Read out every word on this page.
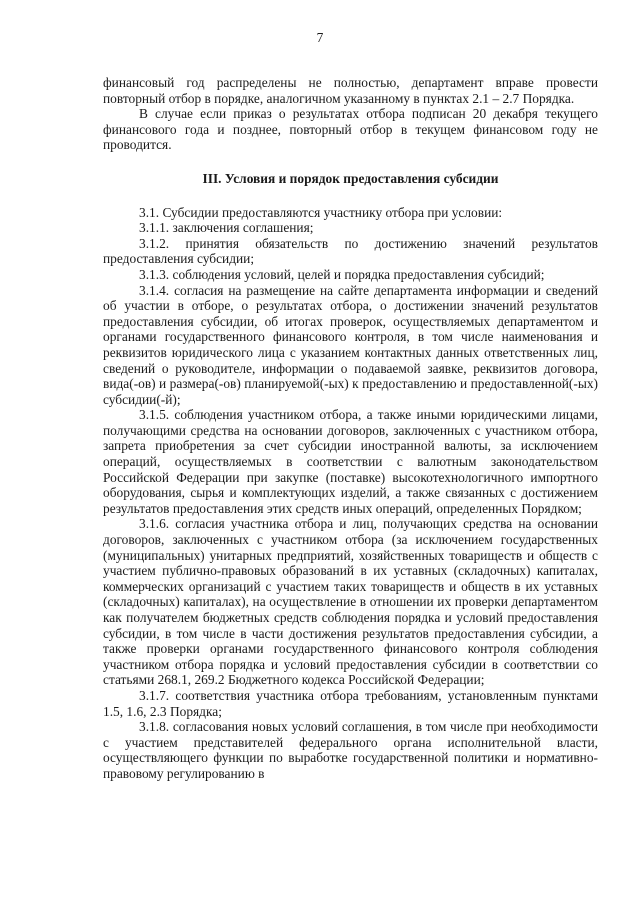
7

финансовый год распределены не полностью, департамент вправе провести повторный отбор в порядке, аналогичном указанному в пунктах 2.1 – 2.7 Порядка.

В случае если приказ о результатах отбора подписан 20 декабря текущего финансового года и позднее, повторный отбор в текущем финансовом году не проводится.

III. Условия и порядок предоставления субсидии

3.1. Субсидии предоставляются участнику отбора при условии:

3.1.1. заключения соглашения;

3.1.2. принятия обязательств по достижению значений результатов предоставления субсидии;

3.1.3. соблюдения условий, целей и порядка предоставления субсидий;

3.1.4. согласия на размещение на сайте департамента информации и сведений об участии в отборе, о результатах отбора, о достижении значений результатов предоставления субсидии, об итогах проверок, осуществляемых департаментом и органами государственного финансового контроля, в том числе наименования и реквизитов юридического лица с указанием контактных данных ответственных лиц, сведений о руководителе, информации о подаваемой заявке, реквизитов договора, вида(-ов) и размера(-ов) планируемой(-ых) к предоставлению и предоставленной(-ых) субсидии(-й);

3.1.5. соблюдения участником отбора, а также иными юридическими лицами, получающими средства на основании договоров, заключенных с участником отбора, запрета приобретения за счет субсидии иностранной валюты, за исключением операций, осуществляемых в соответствии с валютным законодательством Российской Федерации при закупке (поставке) высокотехнологичного импортного оборудования, сырья и комплектующих изделий, а также связанных с достижением результатов предоставления этих средств иных операций, определенных Порядком;

3.1.6. согласия участника отбора и лиц, получающих средства на основании договоров, заключенных с участником отбора (за исключением государственных (муниципальных) унитарных предприятий, хозяйственных товариществ и обществ с участием публично-правовых образований в их уставных (складочных) капиталах, коммерческих организаций с участием таких товариществ и обществ в их уставных (складочных) капиталах), на осуществление в отношении их проверки департаментом как получателем бюджетных средств соблюдения порядка и условий предоставления субсидии, в том числе в части достижения результатов предоставления субсидии, а также проверки органами государственного финансового контроля соблюдения участником отбора порядка и условий предоставления субсидии в соответствии со статьями 268.1, 269.2 Бюджетного кодекса Российской Федерации;

3.1.7. соответствия участника отбора требованиям, установленным пунктами 1.5, 1.6, 2.3 Порядка;

3.1.8. согласования новых условий соглашения, в том числе при необходимости с участием представителей федерального органа исполнительной власти, осуществляющего функции по выработке государственной политики и нормативно-правовому регулированию в
